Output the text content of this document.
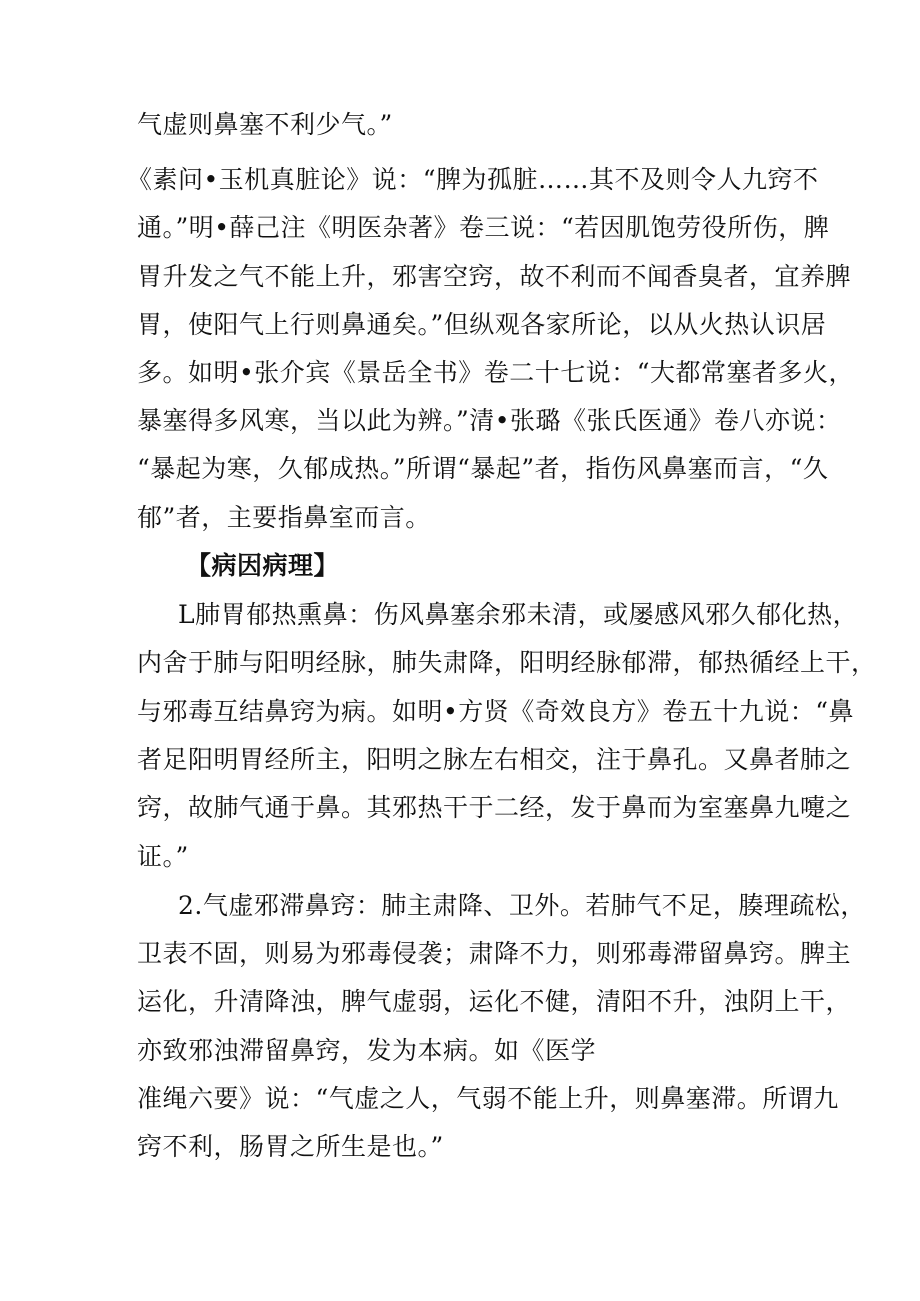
气虚则鼻塞不利少气。”
《素问•玉机真脏论》说：“脾为孤脏……其不及则令人九窍不
通。”明•薛己注《明医杂著》卷三说：“若因肌饱劳役所伤，脾
胃升发之气不能上升，邪害空窍，故不利而不闻香臭者，宜养脾
胃，使阳气上行则鼻通矣。”但纵观各家所论，以从火热认识居
多。如明•张介宾《景岳全书》卷二十七说：“大都常塞者多火，
暴塞得多风寒，当以此为辨。”清•张璐《张氏医通》卷八亦说：
“暴起为寒，久郁成热。”所谓“暴起”者，指伤风鼻塞而言，“久
郁”者，主要指鼻室而言。
【病因病理】
L肺胃郁热熏鼻：伤风鼻塞余邪未清，或屡感风邪久郁化热，
内舍于肺与阳明经脉，肺失肃降，阳明经脉郁滞，郁热循经上干，
与邪毒互结鼻窍为病。如明•方贤《奇效良方》卷五十九说：“鼻
者足阳明胃经所主，阳明之脉左右相交，注于鼻孔。又鼻者肺之
窍，故肺气通于鼻。其邪热干于二经，发于鼻而为室塞鼻九嚏之
证。”
2.气虚邪滞鼻窍：肺主肃降、卫外。若肺气不足，腠理疏松，
卫表不固，则易为邪毒侵袭；肃降不力，则邪毒滞留鼻窍。脾主
运化，升清降浊，脾气虚弱，运化不健，清阳不升，浊阴上干，
亦致邪浊滞留鼻窍，发为本病。如《医学
准绳六要》说：“气虚之人，气弱不能上升，则鼻塞滞。所谓九
窍不利，肠胃之所生是也。”
